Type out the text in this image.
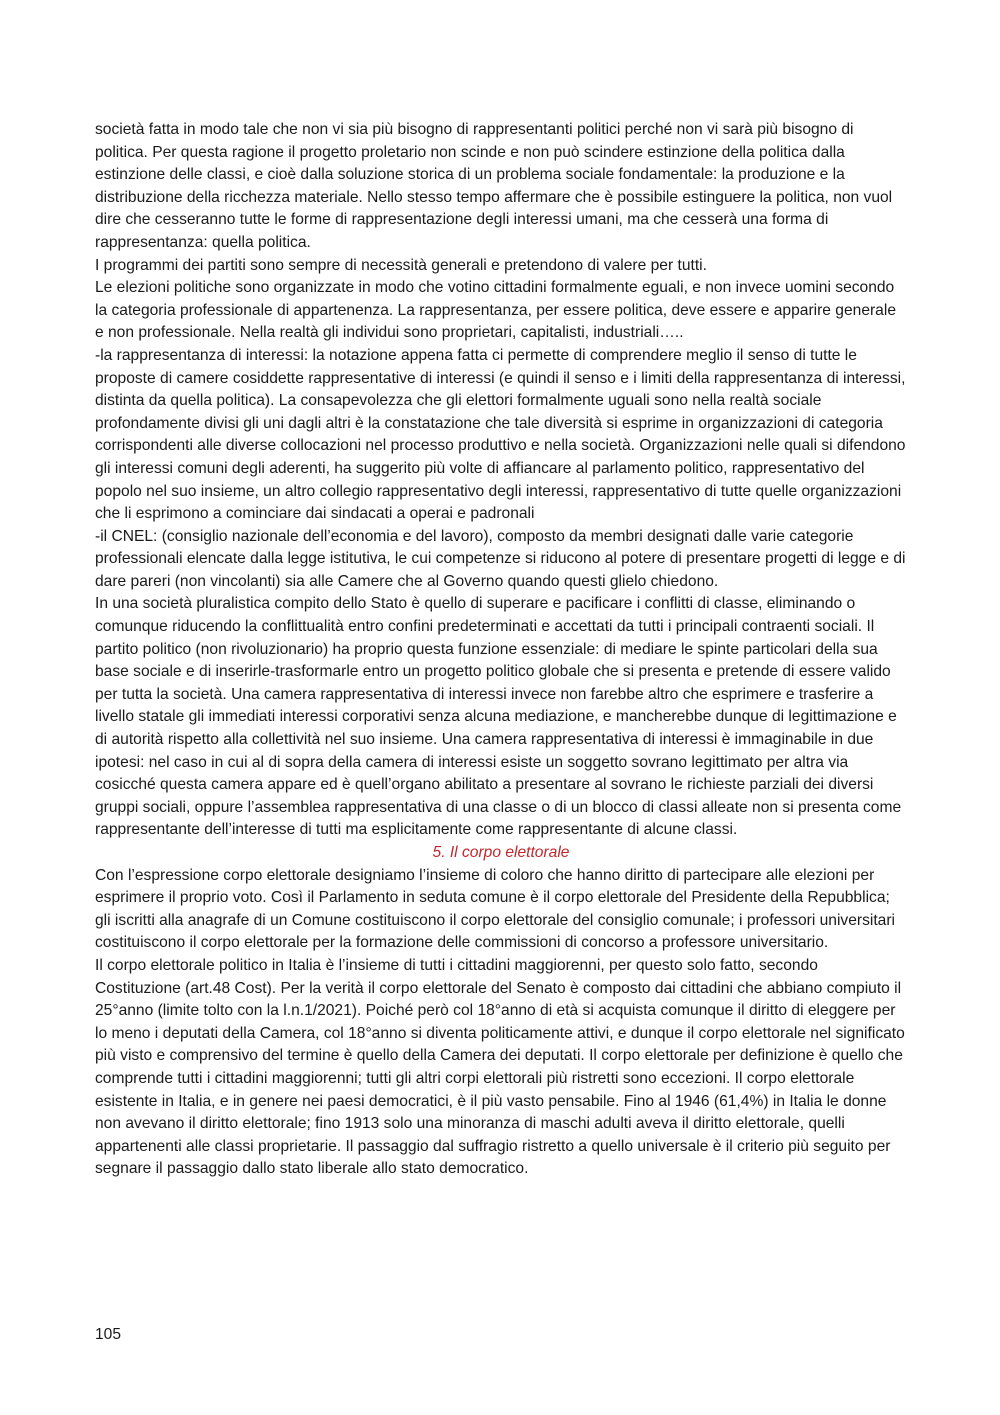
società fatta in modo tale che non vi sia più bisogno di rappresentanti politici perché non vi sarà più bisogno di politica. Per questa ragione il progetto proletario non scinde e non può scindere estinzione della politica dalla estinzione delle classi, e cioè dalla soluzione storica di un problema sociale fondamentale: la produzione e la distribuzione della ricchezza materiale. Nello stesso tempo affermare che è possibile estinguere la politica, non vuol dire che cesseranno tutte le forme di rappresentazione degli interessi umani, ma che cesserà una forma di rappresentanza: quella politica.

I programmi dei partiti sono sempre di necessità generali e pretendono di valere per tutti.

Le elezioni politiche sono organizzate in modo che votino cittadini formalmente eguali, e non invece uomini secondo la categoria professionale di appartenenza. La rappresentanza, per essere politica, deve essere e apparire generale e non professionale. Nella realtà gli individui sono proprietari, capitalisti, industriali…..

-la rappresentanza di interessi: la notazione appena fatta ci permette di comprendere meglio il senso di tutte le proposte di camere cosiddette rappresentative di interessi (e quindi il senso e i limiti della rappresentanza di interessi, distinta da quella politica). La consapevolezza che gli elettori formalmente uguali sono nella realtà sociale profondamente divisi gli uni dagli altri è la constatazione che tale diversità si esprime in organizzazioni di categoria corrispondenti alle diverse collocazioni nel processo produttivo e nella società. Organizzazioni nelle quali si difendono gli interessi comuni degli aderenti, ha suggerito più volte di affiancare al parlamento politico, rappresentativo del popolo nel suo insieme, un altro collegio rappresentativo degli interessi, rappresentativo di tutte quelle organizzazioni che li esprimono a cominciare dai sindacati a operai e padronali

-il CNEL: (consiglio nazionale dell’economia e del lavoro), composto da membri designati dalle varie categorie professionali elencate dalla legge istitutiva, le cui competenze si riducono al potere di presentare progetti di legge e di dare pareri (non vincolanti) sia alle Camere che al Governo quando questi glielo chiedono.

In una società pluralistica compito dello Stato è quello di superare e pacificare i conflitti di classe, eliminando o comunque riducendo la conflittualità entro confini predeterminati e accettati da tutti i principali contraenti sociali. Il partito politico (non rivoluzionario) ha proprio questa funzione essenziale: di mediare le spinte particolari della sua base sociale e di inserirle-trasformarle entro un progetto politico globale che si presenta e pretende di essere valido per tutta la società. Una camera rappresentativa di interessi invece non farebbe altro che esprimere e trasferire a livello statale gli immediati interessi corporativi senza alcuna mediazione, e mancherebbe dunque di legittimazione e di autorità rispetto alla collettività nel suo insieme. Una camera rappresentativa di interessi è immaginabile in due ipotesi: nel caso in cui al di sopra della camera di interessi esiste un soggetto sovrano legittimato per altra via cosicché questa camera appare ed è quell’organo abilitato a presentare al sovrano le richieste parziali dei diversi gruppi sociali, oppure l’assemblea rappresentativa di una classe o di un blocco di classi alleate non si presenta come rappresentante dell’interesse di tutti ma esplicitamente come rappresentante di alcune classi.

5. Il corpo elettorale

Con l’espressione corpo elettorale designiamo l’insieme di coloro che hanno diritto di partecipare alle elezioni per esprimere il proprio voto. Così il Parlamento in seduta comune è il corpo elettorale del Presidente della Repubblica; gli iscritti alla anagrafe di un Comune costituiscono il corpo elettorale del consiglio comunale; i professori universitari costituiscono il corpo elettorale per la formazione delle commissioni di concorso a professore universitario.

Il corpo elettorale politico in Italia è l’insieme di tutti i cittadini maggiorenni, per questo solo fatto, secondo Costituzione (art.48 Cost). Per la verità il corpo elettorale del Senato è composto dai cittadini che abbiano compiuto il 25°anno (limite tolto con la l.n.1/2021). Poiché però col 18°anno di età si acquista comunque il diritto di eleggere per lo meno i deputati della Camera, col 18°anno si diventa politicamente attivi, e dunque il corpo elettorale nel significato più visto e comprensivo del termine è quello della Camera dei deputati. Il corpo elettorale per definizione è quello che comprende tutti i cittadini maggiorenni; tutti gli altri corpi elettorali più ristretti sono eccezioni. Il corpo elettorale esistente in Italia, e in genere nei paesi democratici, è il più vasto pensabile. Fino al 1946 (61,4%) in Italia le donne non avevano il diritto elettorale; fino 1913 solo una minoranza di maschi adulti aveva il diritto elettorale, quelli appartenenti alle classi proprietarie. Il passaggio dal suffragio ristretto a quello universale è il criterio più seguito per segnare il passaggio dallo stato liberale allo stato democratico.

105
